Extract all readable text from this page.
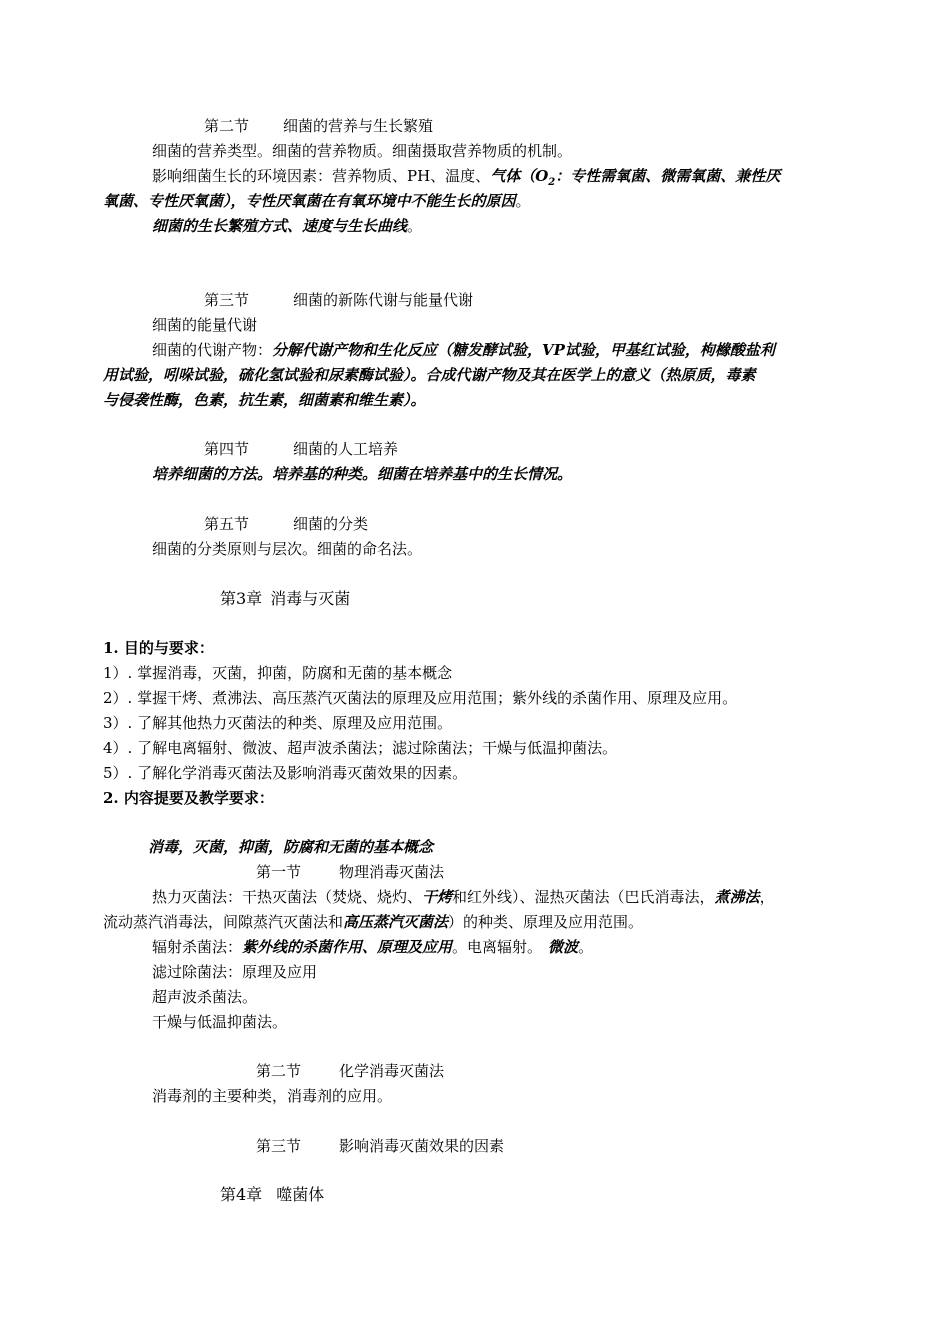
第二节 细菌的营养与生长繁殖
细菌的营养类型。细菌的营养物质。细菌摄取营养物质的机制。
影响细菌生长的环境因素：营养物质、PH、温度、气体（$O_2$：专性需氧菌、微需氧菌、兼性厌
氧菌、专性厌氧菌），专性厌氧菌在有氧环境中不能生长的原因。
细菌的生长繁殖方式、速度与生长曲线。
第三节	细菌的新陈代谢与能量代谢
细菌的能量代谢
细菌的代谢产物：分解代谢产物和生化反应（糖发酵试验，VP试验，甲基红试验，枸橼酸盐利
用试验，吲哚试验，硫化氢试验和尿素酶试验）。合成代谢产物及其在医学上的意义（热原质，毒素
与侵袭性酶，色素，抗生素，细菌素和维生素）。
第四节	细菌的人工培养
培养细菌的方法。培养基的种类。细菌在培养基中的生长情况。
第五节	细菌的分类
细菌的分类原则与层次。细菌的命名法。
第3章 消毒与灭菌
1. 目的与要求：
1）. 掌握消毒，灭菌，抑菌，防腐和无菌的基本概念
2）. 掌握干烤、煮沸法、高压蒸汽灭菌法的原理及应用范围；紫外线的杀菌作用、原理及应用。
3）. 了解其他热力灭菌法的种类、原理及应用范围。
4）. 了解电离辐射、微波、超声波杀菌法；滤过除菌法；干燥与低温抑菌法。
5）. 了解化学消毒灭菌法及影响消毒灭菌效果的因素。
2. 内容提要及教学要求：
消毒，灭菌，抑菌，防腐和无菌的基本概念
第一节	物理消毒灭菌法
热力灭菌法：干热灭菌法（焚烧、烧灼、干烤和红外线）、湿热灭菌法（巴氏消毒法，煮沸法，
流动蒸汽消毒法，间隙蒸汽灭菌法和高压蒸汽灭菌法）的种类、原理及应用范围。
辐射杀菌法：紫外线的杀菌作用、原理及应用。电离辐射。 微波。
滤过除菌法：原理及应用
超声波杀菌法。
干燥与低温抑菌法。
第二节	化学消毒灭菌法
消毒剂的主要种类，消毒剂的应用。
第三节	影响消毒灭菌效果的因素
第4章 噬菌体
